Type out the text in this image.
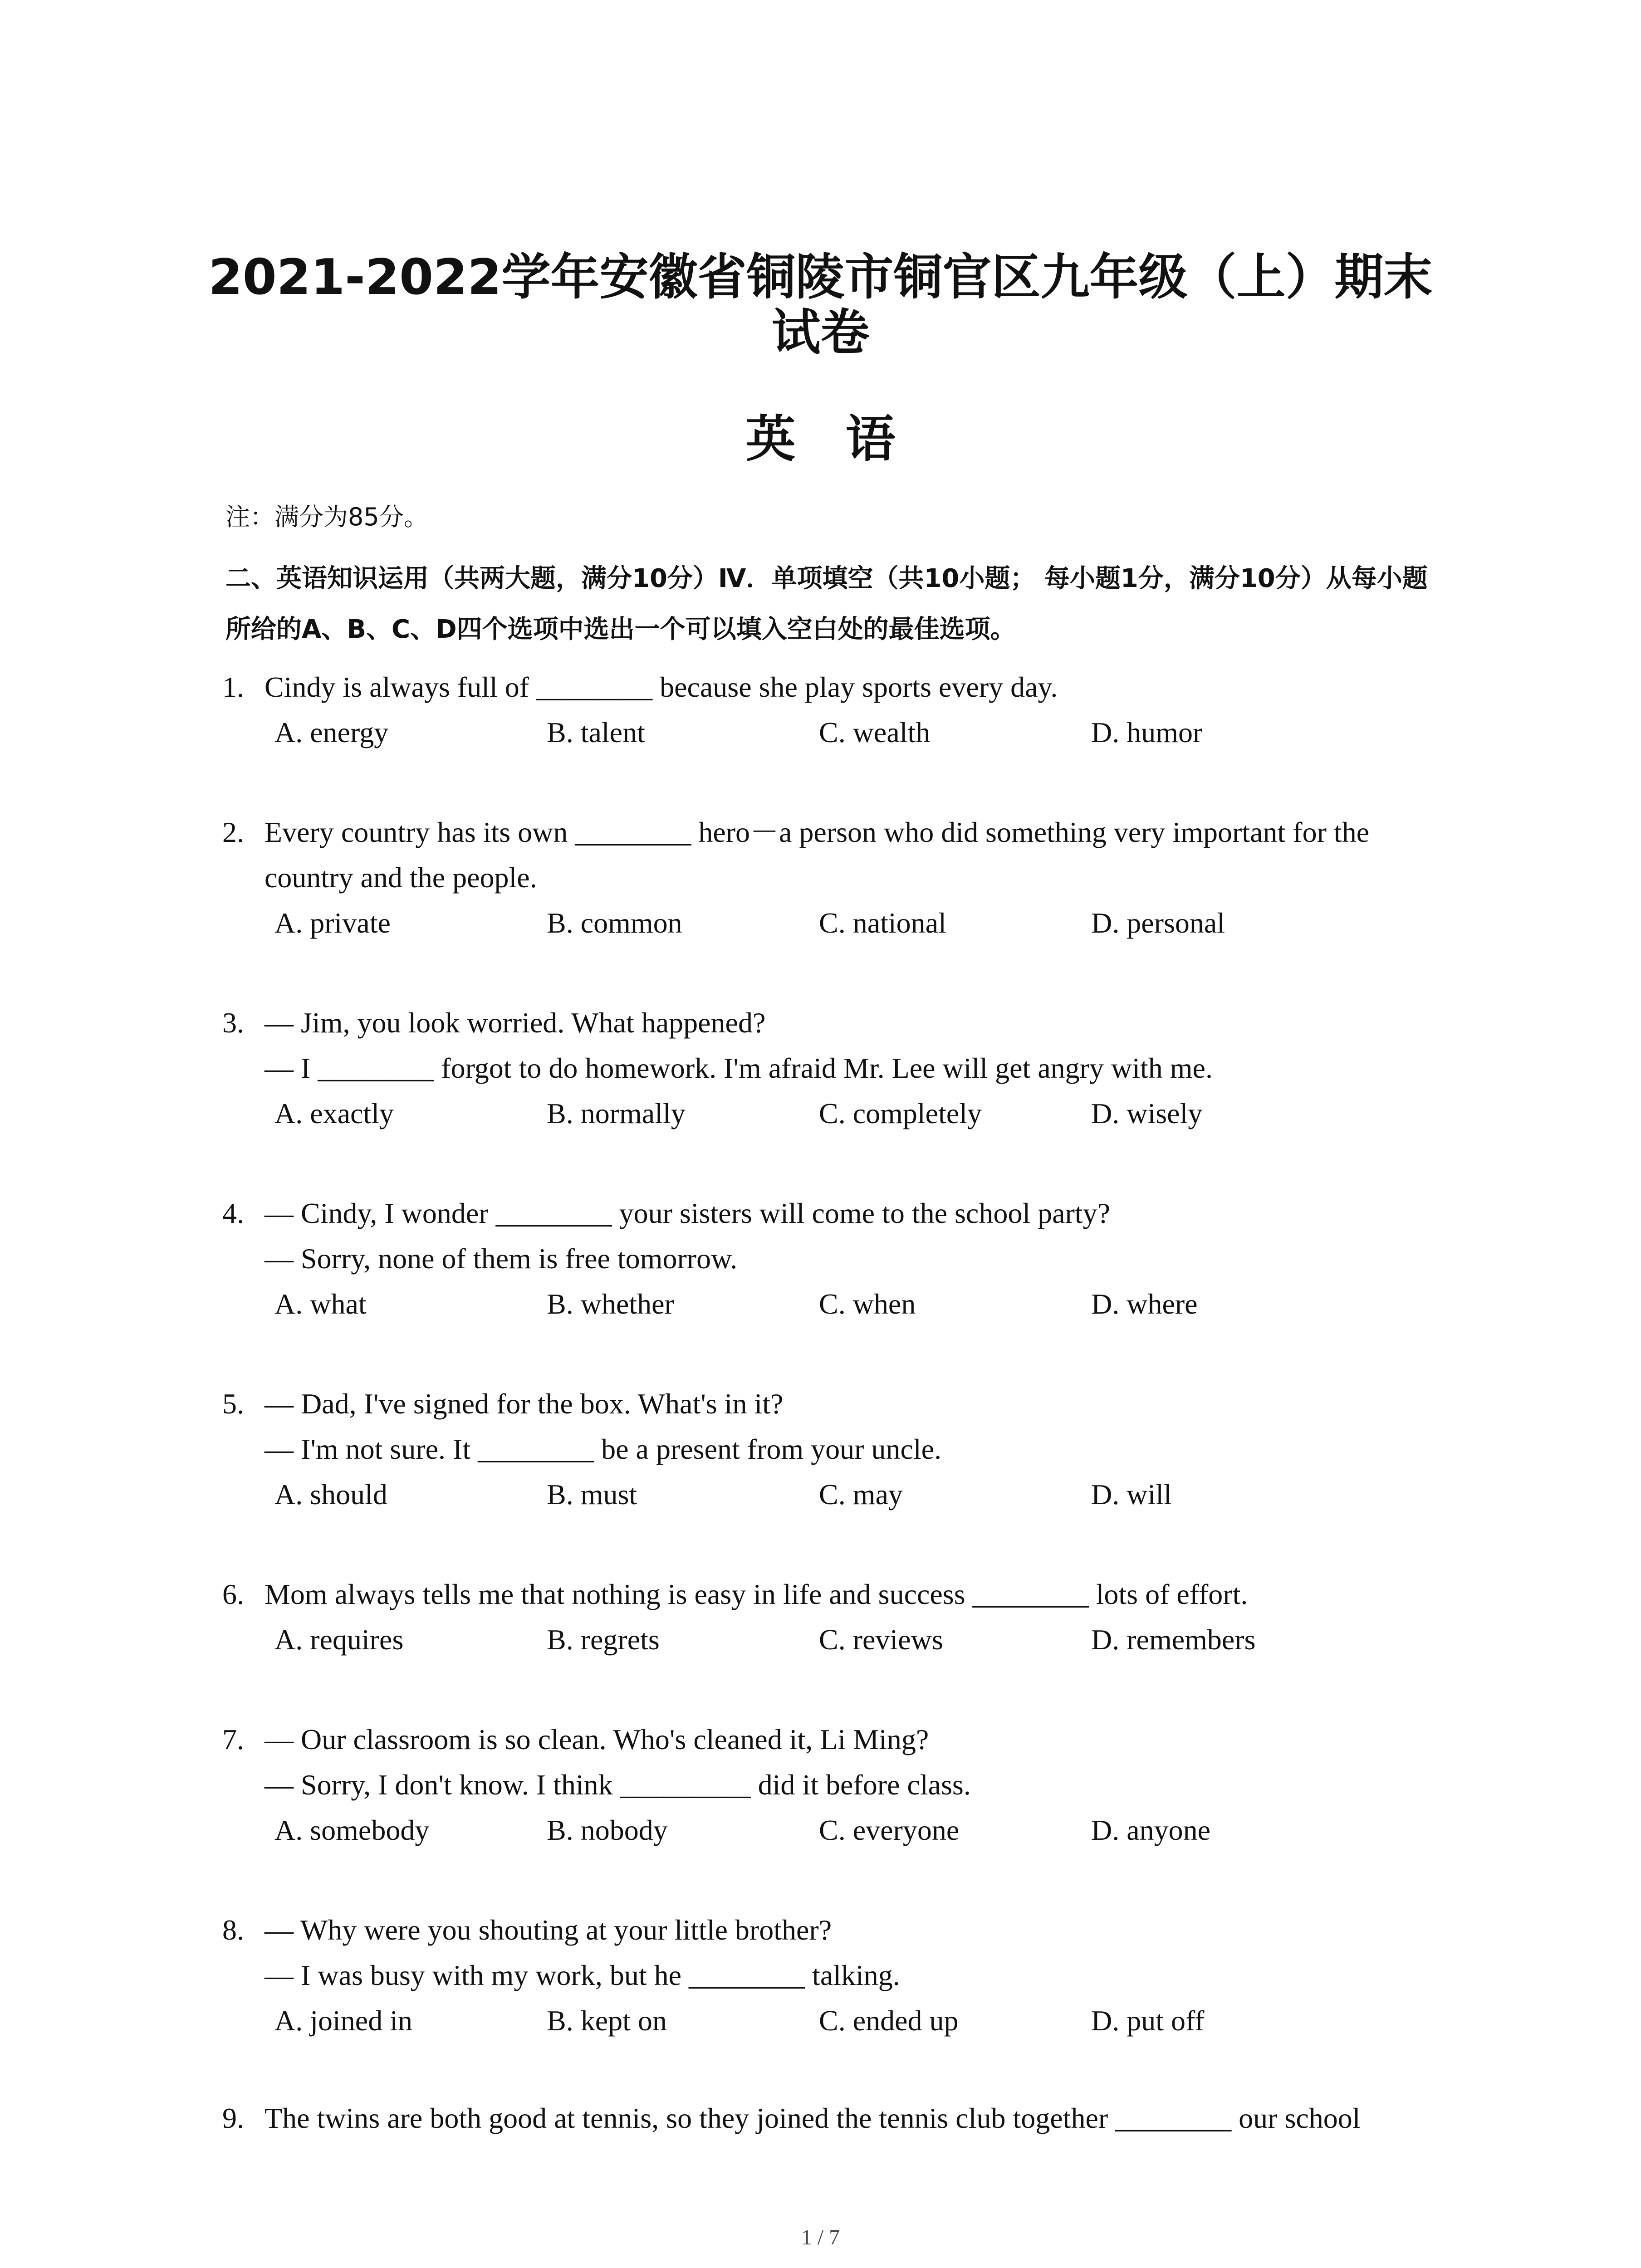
2021-2022学年安徽省铜陵市铜官区九年级（上）期末
试卷
英语
注：满分为85分。
二、英语知识运用（共两大题，满分10分）Ⅳ．单项填空（共10小题； 每小题1分，满分10分）从每小题所给的A、B、C、D四个选项中选出一个可以填入空白处的最佳选项。
1. Cindy is always full of ________ because she play sports every day.
A. energy	B. talent	C. wealth	D. humor
2. Every country has its own ________ hero－a person who did something very important for the
country and the people.
A. private	B. common	C. national	D. personal
3. — Jim, you look worried. What happened?
— I ________ forgot to do homework. I'm afraid Mr. Lee will get angry with me.
A. exactly	B. normally	C. completely	D. wisely
4. — Cindy, I wonder ________ your sisters will come to the school party?
— Sorry, none of them is free tomorrow.
A. what	B. whether	C. when	D. where
5. — Dad, I've signed for the box. What's in it?
— I'm not sure. It ________ be a present from your uncle.
A. should	B. must	C. may	D. will
6. Mom always tells me that nothing is easy in life and success ________ lots of effort.
A. requires	B. regrets	C. reviews	D. remembers
7. — Our classroom is so clean. Who's cleaned it, Li Ming?
— Sorry, I don't know. I think _________ did it before class.
A. somebody	B. nobody	C. everyone	D. anyone
8. — Why were you shouting at your little brother?
— I was busy with my work, but he ________ talking.
A. joined in	B. kept on	C. ended up	D. put off
9. The twins are both good at tennis, so they joined the tennis club together ________ our school
1 / 7
